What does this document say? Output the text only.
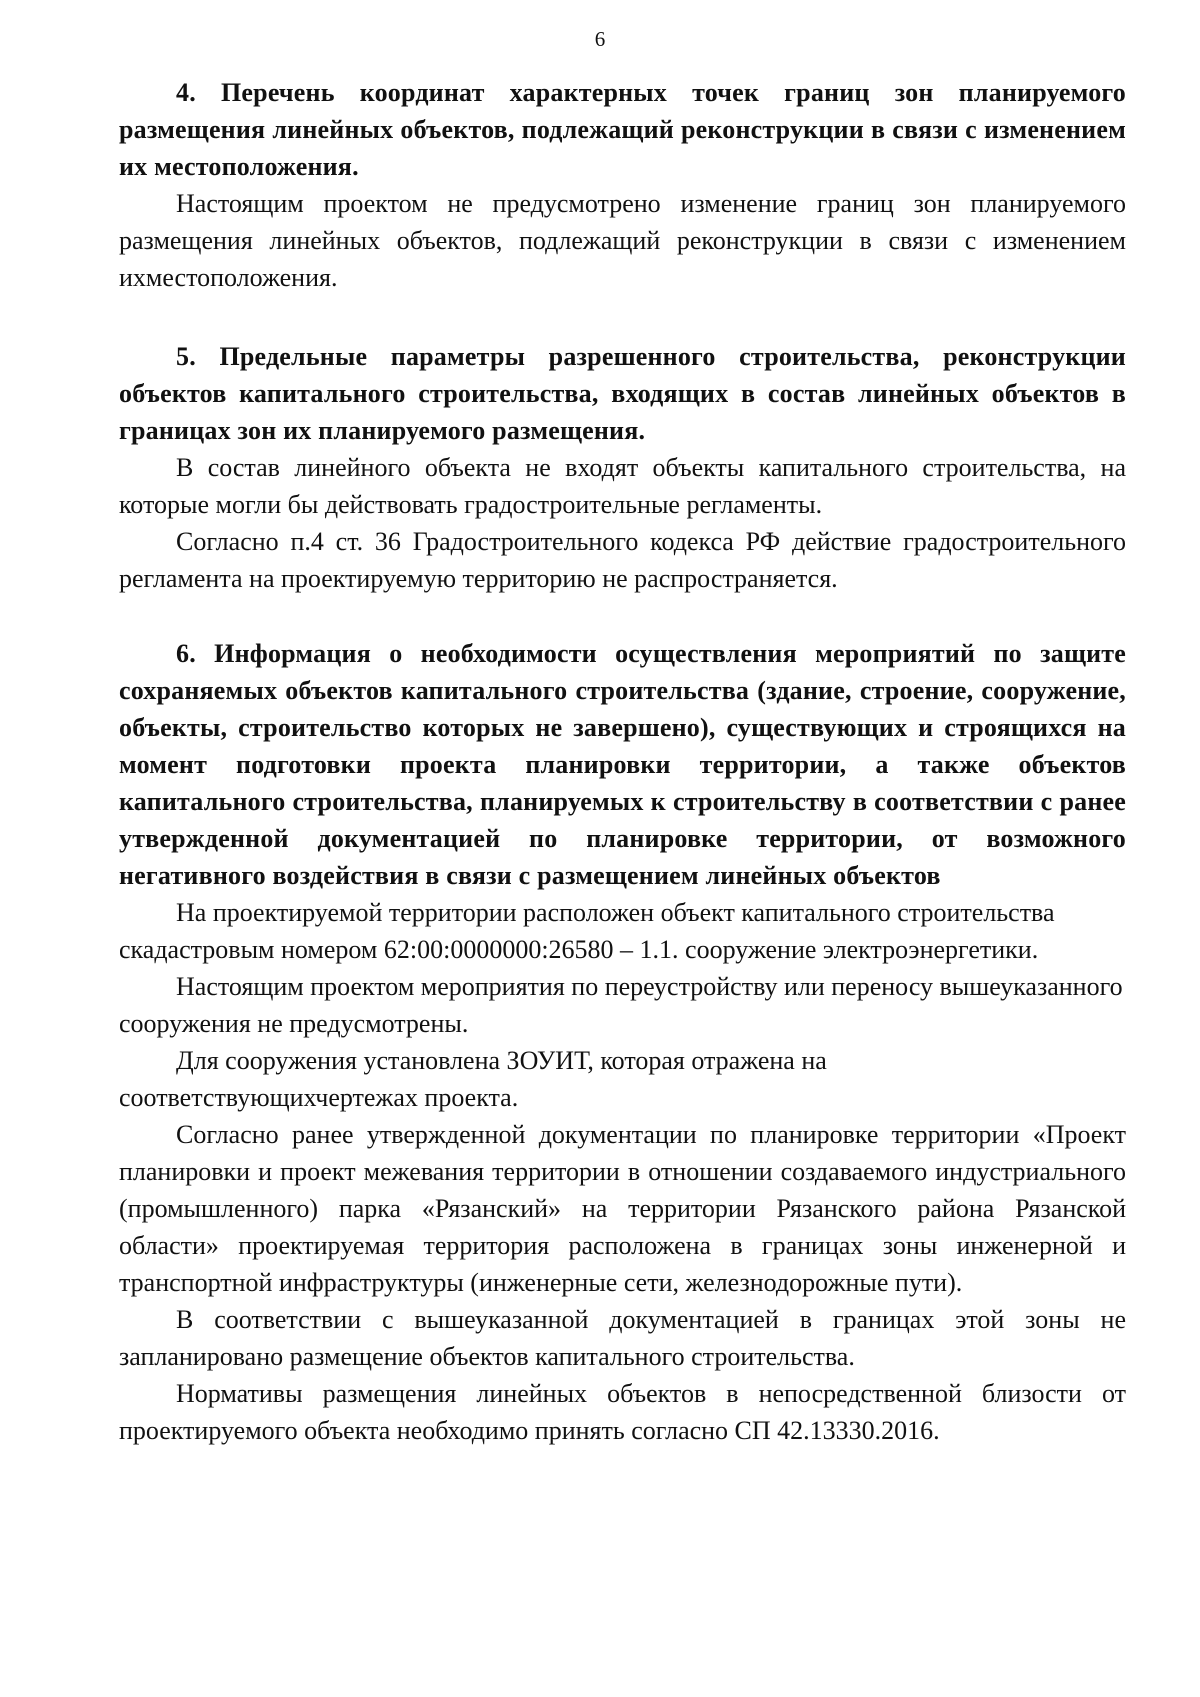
6

4. Перечень координат характерных точек границ зон планируемого размещения линейных объектов, подлежащий реконструкции в связи с изменением их местоположения.

Настоящим проектом не предусмотрено изменение границ зон планируемого размещения линейных объектов, подлежащий реконструкции в связи с изменением ихместоположения.

5. Предельные параметры разрешенного строительства, реконструкции объектов капитального строительства, входящих в состав линейных объектов в границах зон их планируемого размещения.

В состав линейного объекта не входят объекты капитального строительства, на которые могли бы действовать градостроительные регламенты.

Согласно п.4 ст. 36 Градостроительного кодекса РФ действие градостроительного регламента на проектируемую территорию не распространяется.

6. Информация о необходимости осуществления мероприятий по защите сохраняемых объектов капитального строительства (здание, строение, сооружение, объекты, строительство которых не завершено), существующих и строящихся на момент подготовки проекта планировки территории, а также объектов капитального строительства, планируемых к строительству в соответствии с ранее утвержденной документацией по планировке территории, от возможного негативного воздействия в связи с размещением линейных объектов

На проектируемой территории расположен объект капитального строительства скадастровым номером 62:00:0000000:26580 – 1.1. сооружение электроэнергетики.

Настоящим проектом мероприятия по переустройству или переносу вышеуказанного сооружения не предусмотрены.

Для сооружения установлена ЗОУИТ, которая отражена на соответствующихчертежах проекта.

Согласно ранее утвержденной документации по планировке территории «Проект планировки и проект межевания территории в отношении создаваемого индустриального (промышленного) парка «Рязанский» на территории Рязанского района Рязанской области» проектируемая территория расположена в границах зоны инженерной и транспортной инфраструктуры (инженерные сети, железнодорожные пути).

В соответствии с вышеуказанной документацией в границах этой зоны не запланировано размещение объектов капитального строительства.

Нормативы размещения линейных объектов в непосредственной близости от проектируемого объекта необходимо принять согласно СП 42.13330.2016.
